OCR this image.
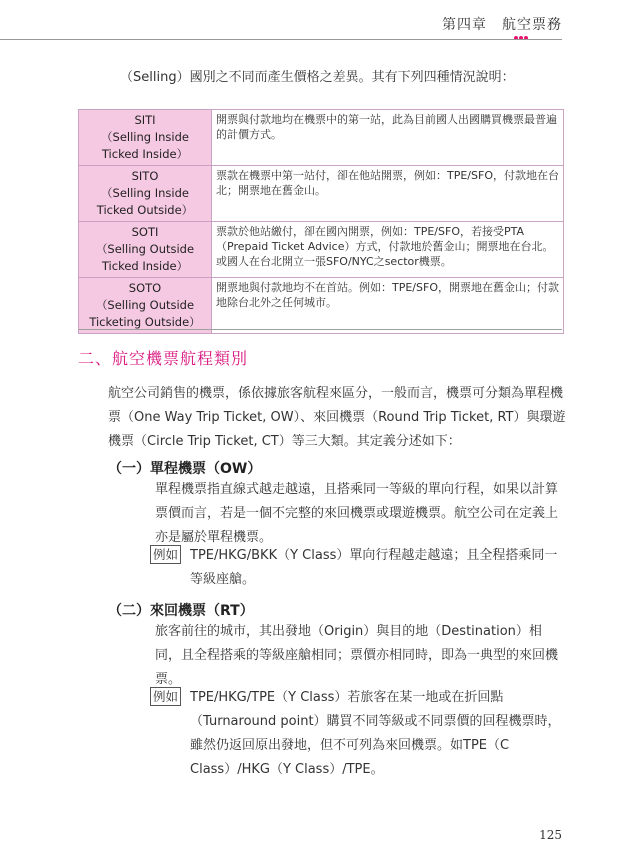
第四章　航空票務
（Selling）國別之不同而產生價格之差異。其有下列四種情況說明：
SITI
（Selling Inside
Ticked Inside）	開票與付款地均在機票中的第一站，此為目前國人出國購買機票最普遍的計價方式。

SITO
（Selling Inside
Ticked Outside）	票款在機票中第一站付，卻在他站開票，例如：TPE/SFO，付款地在台北；開票地在舊金山。

SOTI
（Selling Outside
Ticked Inside）	票款於他站繳付，卻在國內開票，例如：TPE/SFO，若接受PTA（Prepaid Ticket Advice）方式，付款地於舊金山；開票地在台北。或國人在台北開立一張SFO/NYC之sector機票。

SOTO
（Selling Outside
Ticketing Outside）	開票地與付款地均不在首站。例如：TPE/SFO，開票地在舊金山；付款地除台北外之任何城市。
二、航空機票航程類別

航空公司銷售的機票，係依據旅客航程來區分，一般而言，機票可分類為單程機票（One Way Trip Ticket, OW）、來回機票（Round Trip Ticket, RT）與環遊機票（Circle Trip Ticket, CT）等三大類。其定義分述如下：

（一）單程機票（OW）

單程機票指直線式越走越遠，且搭乘同一等級的單向行程，如果以計算票價而言，若是一個不完整的來回機票或環遊機票。航空公司在定義上亦是屬於單程機票。

例如 TPE/HKG/BKK（Y Class）單向行程越走越遠；且全程搭乘同一等級座艙。
（二）來回機票（RT）

旅客前往的城市，其出發地（Origin）與目的地（Destination）相同，且全程搭乘的等級座艙相同；票價亦相同時，即為一典型的來回機票。

例如 TPE/HKG/TPE（Y Class）若旅客在某一地或在折回點（Turnaround point）購買不同等級或不同票價的回程機票時，雖然仍返回原出發地，但不可列為來回機票。如TPE（C Class）/HKG（Y Class）/TPE。
125
